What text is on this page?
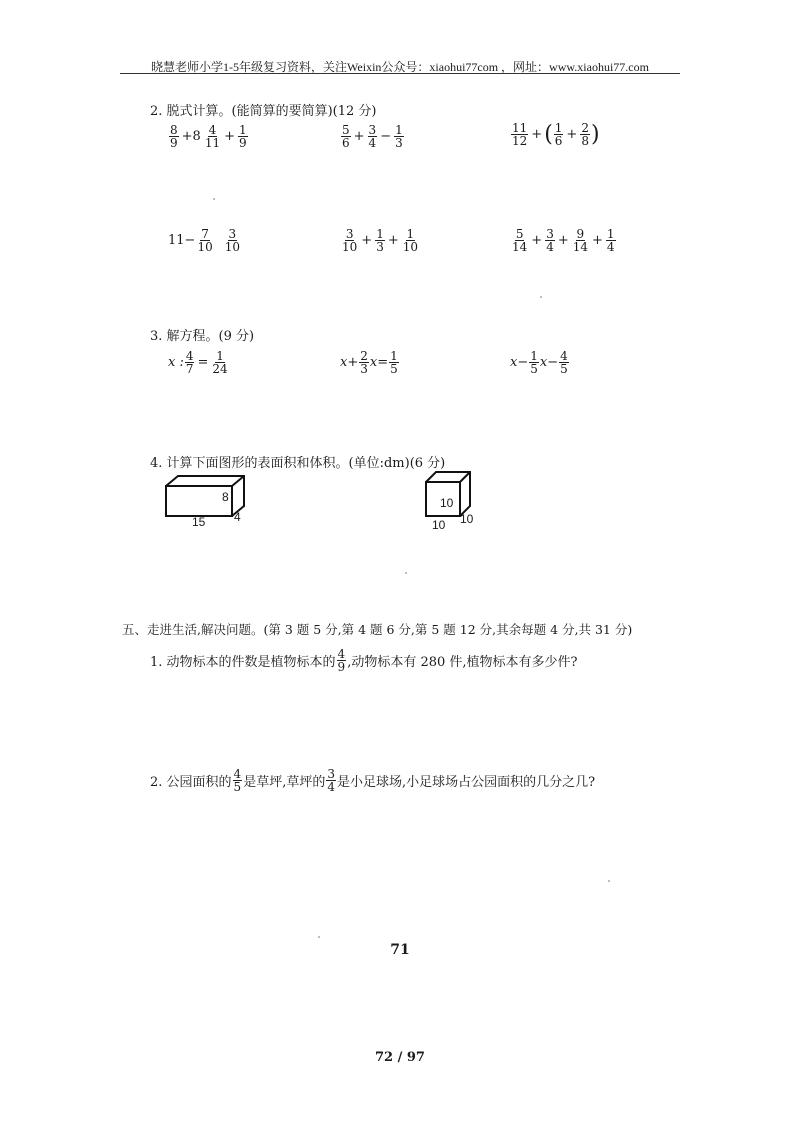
晓慧老师小学1-5年级复习资料，关注Weixin公众号：xiaohui77com ，网址：www.xiaohui77.com
2. 脱式计算。(能简算的要简算)(12 分)
$\frac{8}{9} +8 \frac{4}{11} + \frac{1}{9}$	$\frac{5}{6} + \frac{3}{4} - \frac{1}{3}$	$\frac{11}{12}$ + ( $\frac{1}{6} + \frac{2}{8}$ )
$11- \frac{7}{10} \frac{3}{10}$	$\frac{3}{10} + \frac{1}{3} + \frac{1}{10}$	$\frac{5}{14} + \frac{3}{4} + \frac{9}{14} + \frac{1}{4}$
3. 解方程。(9 分)
x : $\frac{4}{7} = \frac{1}{24}$	$x+ \frac{2}{3} x= \frac{1}{5}$	$x- \frac{1}{5} x- \frac{4}{5}$
4. 计算下面图形的表面积和体积。(单位:dm)(6 分)
8
4
15
10
10 10
五、走进生活,解决问题。(第 3 题 5 分,第 4 题 6 分,第 5 题 12 分,其余每题 4 分,共 31 分)
1. 动物标本的件数是植物标本的 $\frac{4}{9}$ ,动物标本有 280 件,植物标本有多少件?
2. 公园面积的 $\frac{4}{5}$ 是草坪,草坪的 $\frac{3}{4}$ 是小足球场,小足球场占公园面积的几分之几?
71
72 / 97
